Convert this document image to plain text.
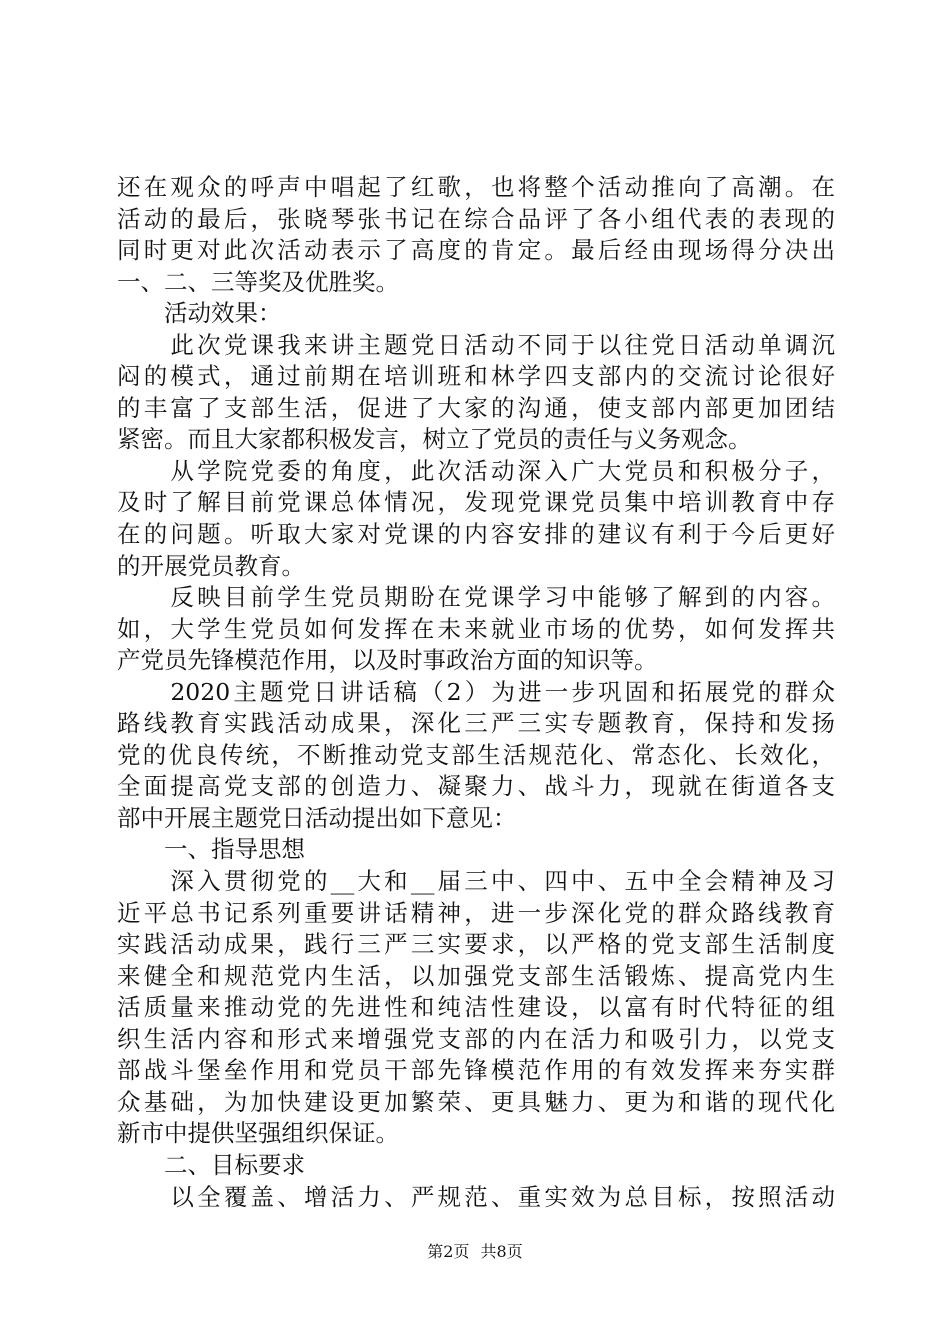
还在观众的呼声中唱起了红歌，也将整个活动推向了高潮。在
活动的最后，张晓琴张书记在综合品评了各小组代表的表现的
同时更对此次活动表示了高度的肯定。最后经由现场得分决出
一、二、三等奖及优胜奖。
　　活动效果：
　　此次党课我来讲主题党日活动不同于以往党日活动单调沉
闷的模式，通过前期在培训班和林学四支部内的交流讨论很好
的丰富了支部生活，促进了大家的沟通，使支部内部更加团结
紧密。而且大家都积极发言，树立了党员的责任与义务观念。
　　从学院党委的角度，此次活动深入广大党员和积极分子，
及时了解目前党课总体情况，发现党课党员集中培训教育中存
在的问题。听取大家对党课的内容安排的建议有利于今后更好
的开展党员教育。
　　反映目前学生党员期盼在党课学习中能够了解到的内容。
如，大学生党员如何发挥在未来就业市场的优势，如何发挥共
产党员先锋模范作用，以及时事政治方面的知识等。
　　2020主题党日讲话稿（2）为进一步巩固和拓展党的群众
路线教育实践活动成果，深化三严三实专题教育，保持和发扬
党的优良传统，不断推动党支部生活规范化、常态化、长效化，
全面提高党支部的创造力、凝聚力、战斗力，现就在街道各支
部中开展主题党日活动提出如下意见：
　　一、指导思想
　　深入贯彻党的__大和__届三中、四中、五中全会精神及习
近平总书记系列重要讲话精神，进一步深化党的群众路线教育
实践活动成果，践行三严三实要求，以严格的党支部生活制度
来健全和规范党内生活，以加强党支部生活锻炼、提高党内生
活质量来推动党的先进性和纯洁性建设，以富有时代特征的组
织生活内容和形式来增强党支部的内在活力和吸引力，以党支
部战斗堡垒作用和党员干部先锋模范作用的有效发挥来夯实群
众基础，为加快建设更加繁荣、更具魅力、更为和谐的现代化
新市中提供坚强组织保证。
　　二、目标要求
　　以全覆盖、增活力、严规范、重实效为总目标，按照活动
第2页 共8页
